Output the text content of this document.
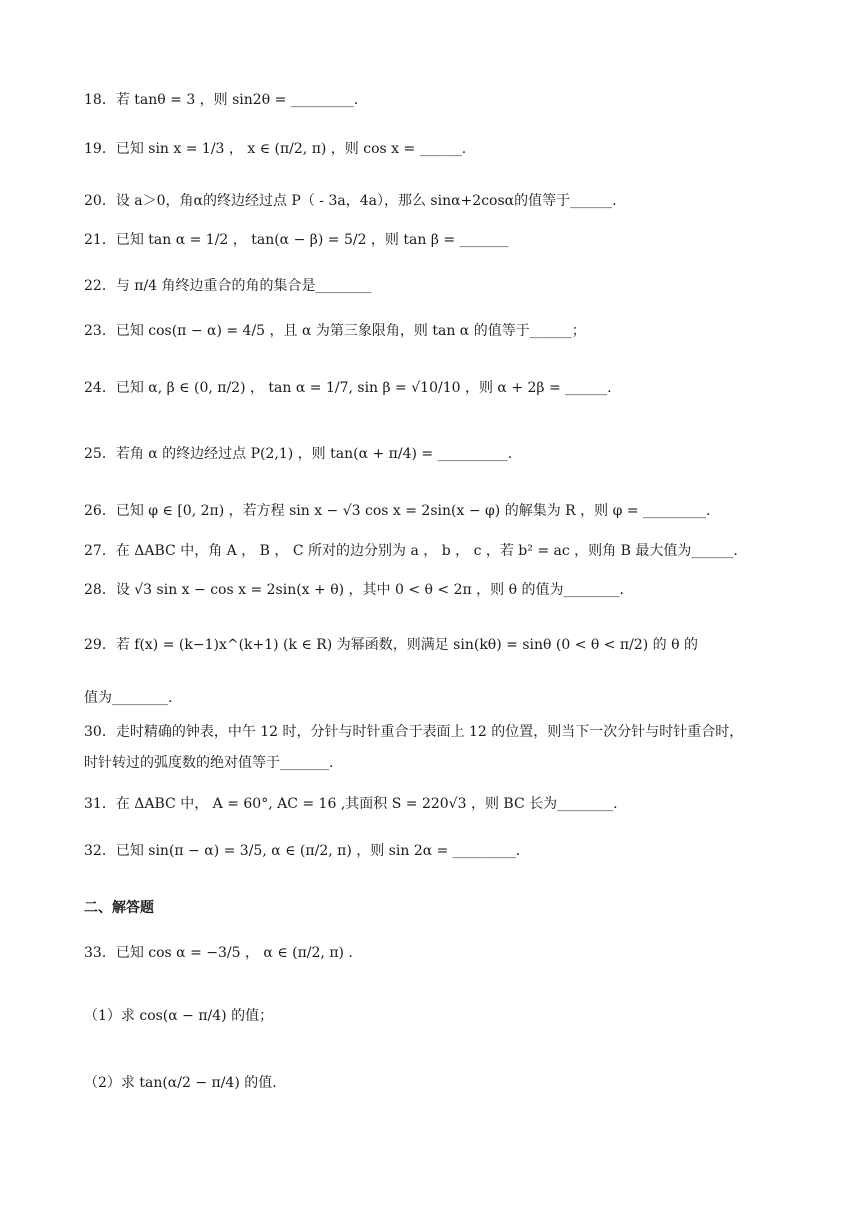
18．若 tanθ = 3 ，则 sin2θ = _________.
19．已知 sin x = 1/3 ， x ∈ (π/2, π) ，则 cos x = ______.
20．设 a＞0，角α的终边经过点 P（ - 3a，4a），那么 sinα+2cosα的值等于______.
21．已知 tan α = 1/2 ， tan(α − β) = 5/2 ，则 tan β = _______
22．与 π/4 角终边重合的角的集合是________
23．已知 cos(π − α) = 4/5 ，且 α 为第三象限角，则 tan α 的值等于______；
24．已知 α, β ∈ (0, π/2) ， tan α = 1/7, sin β = √10/10 ，则 α + 2β = ______.
25．若角 α 的终边经过点 P(2,1) ，则 tan(α + π/4) = __________.
26．已知 φ ∈ [0, 2π) ，若方程 sin x − √3 cos x = 2sin(x − φ) 的解集为 R ，则 φ = _________.
27．在 ΔABC 中，角 A ， B ， C 所对的边分别为 a ， b ， c ，若 b² = ac ，则角 B 最大值为______.
28．设 √3 sin x − cos x = 2sin(x + θ) ，其中 0 < θ < 2π ，则 θ 的值为________.
29．若 f(x) = (k−1)x^(k+1) (k ∈ R) 为幂函数，则满足 sin(kθ) = sinθ (0 < θ < π/2) 的 θ 的
值为________.
30．走时精确的钟表，中午 12 时，分针与时针重合于表面上 12 的位置，则当下一次分针与时针重合时，
时针转过的弧度数的绝对值等于_______.
31．在 ΔABC 中， A = 60°, AC = 16 ,其面积 S = 220√3 ，则 BC 长为________.
32．已知 sin(π − α) = 3/5, α ∈ (π/2, π) ，则 sin 2α = _________.
二、解答题
33．已知 cos α = −3/5 ， α ∈ (π/2, π) .
（1）求 cos(α − π/4) 的值；
（2）求 tan(α/2 − π/4) 的值.
